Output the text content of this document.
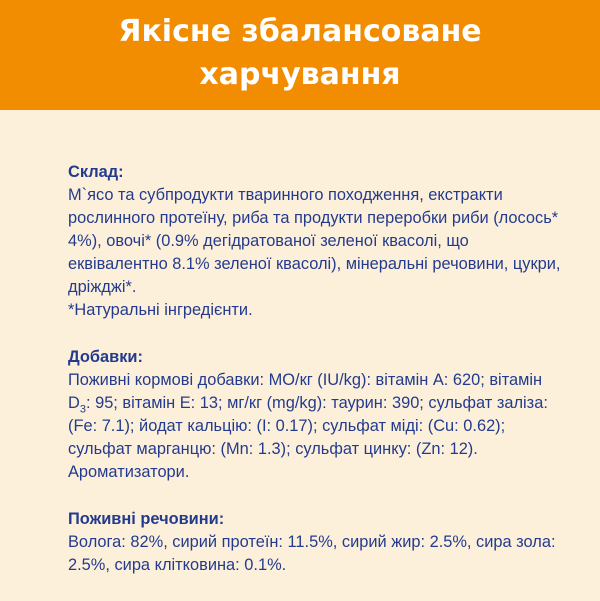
Якісне збалансоване
харчування

Склад:

М`ясо та субпродукти тваринного походження, екстракти рослинного протеїну, риба та продукти переробки риби (лосось* 4%), овочі* (0.9% дегідратованої зеленої квасолі, що еквівалентно 8.1% зеленої квасолі), мінеральні речовини, цукри, дріжджі*.

*Натуральні інгредієнти.

Добавки:

Поживні кормові добавки: МО/кг (IU/kg): вітамін А: 620; вітамін $D_3$: 95; вітамін Е: 13; мг/кг (mg/kg): таурин: 390; сульфат заліза: (Fe: 7.1); йодат кальцію: (I: 0.17); сульфат міді: (Cu: 0.62); сульфат марганцю: (Mn: 1.3); сульфат цинку: (Zn: 12).

Ароматизатори.

Поживні речовини:

Волога: 82%, сирий протеїн: 11.5%, сирий жир: 2.5%, сира зола: 2.5%, сира клітковина: 0.1%.
